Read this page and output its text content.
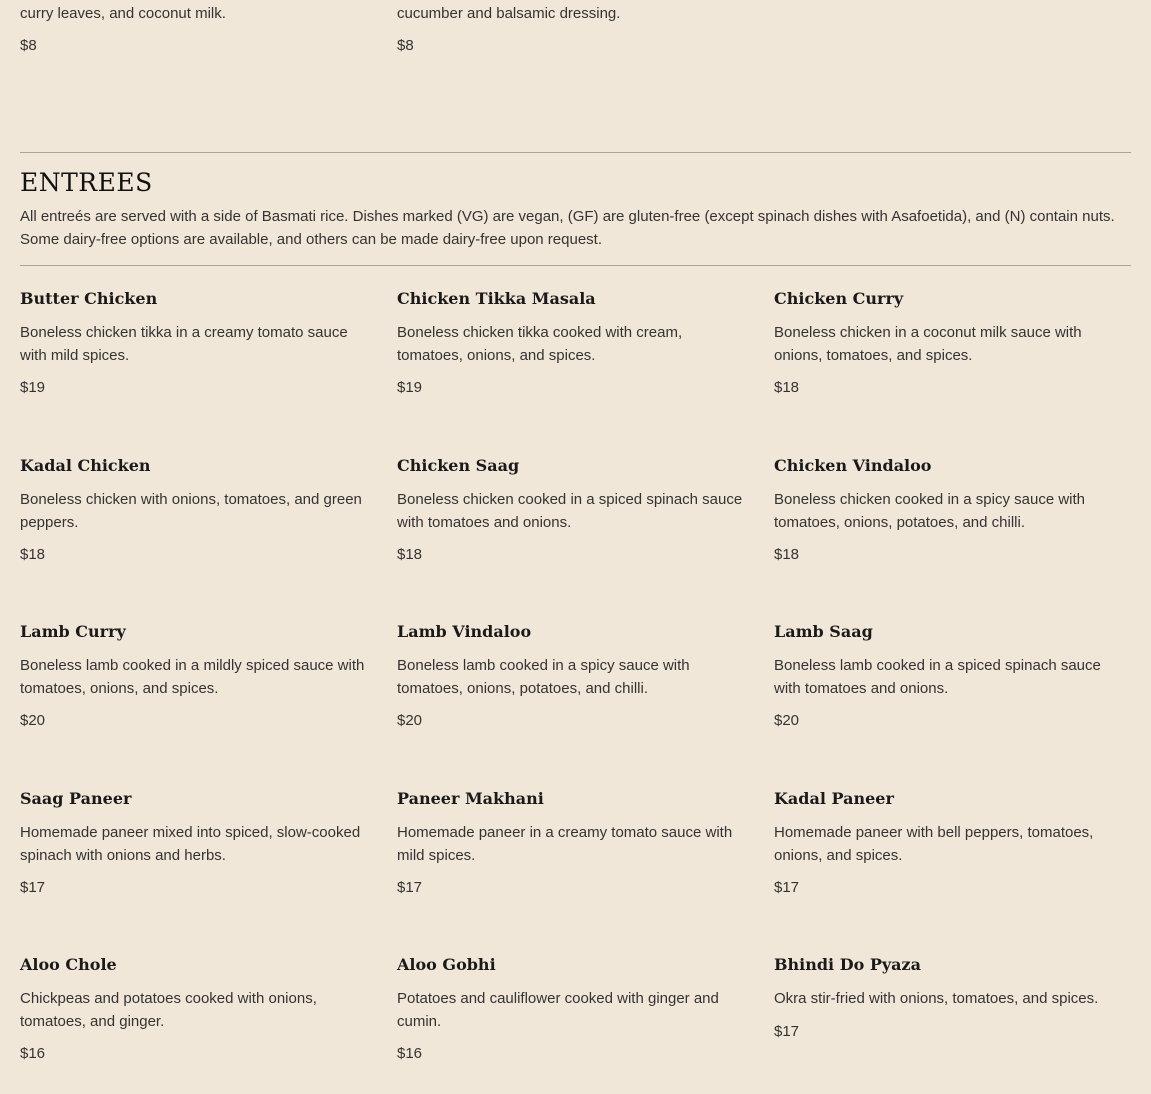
curry leaves, and coconut milk.

$8

cucumber and balsamic dressing.

$8
ENTREES

All entreés are served with a side of Basmati rice. Dishes marked (VG) are vegan, (GF) are gluten-free (except spinach dishes with Asafoetida), and (N) contain nuts. Some dairy-free options are available, and others can be made dairy-free upon request.

Butter Chicken

Boneless chicken tikka in a creamy tomato sauce with mild spices.

$19
Chicken Tikka Masala

Boneless chicken tikka cooked with cream, tomatoes, onions, and spices.

$19
Chicken Curry

Boneless chicken in a coconut milk sauce with onions, tomatoes, and spices.

$18
Kadal Chicken

Boneless chicken with onions, tomatoes, and green peppers.

$18
Chicken Saag

Boneless chicken cooked in a spiced spinach sauce with tomatoes and onions.

$18
Chicken Vindaloo

Boneless chicken cooked in a spicy sauce with tomatoes, onions, potatoes, and chilli.

$18
Lamb Curry

Boneless lamb cooked in a mildly spiced sauce with tomatoes, onions, and spices.

$20
Lamb Vindaloo

Boneless lamb cooked in a spicy sauce with tomatoes, onions, potatoes, and chilli.

$20
Lamb Saag

Boneless lamb cooked in a spiced spinach sauce with tomatoes and onions.

$20
Saag Paneer

Homemade paneer mixed into spiced, slow-cooked spinach with onions and herbs.

$17
Paneer Makhani

Homemade paneer in a creamy tomato sauce with mild spices.

$17
Kadal Paneer

Homemade paneer with bell peppers, tomatoes, onions, and spices.

$17
Aloo Chole

Chickpeas and potatoes cooked with onions, tomatoes, and ginger.

$16
Aloo Gobhi

Potatoes and cauliflower cooked with ginger and cumin.

$16
Bhindi Do Pyaza

Okra stir-fried with onions, tomatoes, and spices.

$17
